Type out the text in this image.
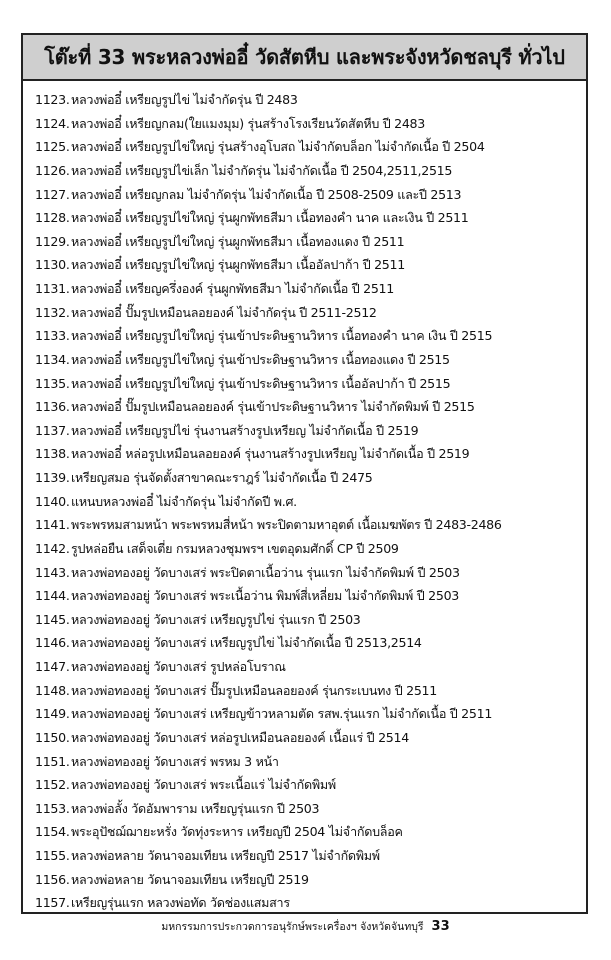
โต๊ะที่ 33 พระหลวงพ่ออี๋ วัดสัตหีบ และพระจังหวัดชลบุรี ทั่วไป
1123. หลวงพ่ออี๋ เหรียญรูปไข่ ไม่จำกัดรุ่น ปี 2483
1124. หลวงพ่ออี๋ เหรียญกลม(ใยแมงมุม) รุ่นสร้างโรงเรียนวัดสัตหีบ ปี 2483
1125. หลวงพ่ออี๋ เหรียญรูปไข่ใหญ่ รุ่นสร้างอุโบสถ ไม่จำกัดบล็อก ไม่จำกัดเนื้อ ปี 2504
1126. หลวงพ่ออี๋ เหรียญรูปไข่เล็ก ไม่จำกัดรุ่น ไม่จำกัดเนื้อ ปี 2504,2511,2515
1127. หลวงพ่ออี๋ เหรียญกลม ไม่จำกัดรุ่น ไม่จำกัดเนื้อ ปี 2508-2509 และปี 2513
1128. หลวงพ่ออี๋ เหรียญรูปไข่ใหญ่ รุ่นผูกพัทธสีมา เนื้อทองคำ นาค และเงิน ปี 2511
1129. หลวงพ่ออี๋ เหรียญรูปไข่ใหญ่ รุ่นผูกพัทธสีมา เนื้อทองแดง ปี 2511
1130. หลวงพ่ออี๋ เหรียญรูปไข่ใหญ่ รุ่นผูกพัทธสีมา เนื้ออัลปาก้า ปี 2511
1131. หลวงพ่ออี๋ เหรียญครึ่งองค์ รุ่นผูกพัทธสีมา ไม่จำกัดเนื้อ ปี 2511
1132. หลวงพ่ออี๋ ปั๊มรูปเหมือนลอยองค์ ไม่จำกัดรุ่น ปี 2511-2512
1133. หลวงพ่ออี๋ เหรียญรูปไข่ใหญ่ รุ่นเข้าประดิษฐานวิหาร เนื้อทองคำ นาค เงิน ปี 2515
1134. หลวงพ่ออี๋ เหรียญรูปไข่ใหญ่ รุ่นเข้าประดิษฐานวิหาร เนื้อทองแดง ปี 2515
1135. หลวงพ่ออี๋ เหรียญรูปไข่ใหญ่ รุ่นเข้าประดิษฐานวิหาร เนื้ออัลปาก้า ปี 2515
1136. หลวงพ่ออี๋ ปั๊มรูปเหมือนลอยองค์ รุ่นเข้าประดิษฐานวิหาร ไม่จำกัดพิมพ์ ปี 2515
1137. หลวงพ่ออี๋ เหรียญรูปไข่ รุ่นงานสร้างรูปเหรียญ ไม่จำกัดเนื้อ ปี 2519
1138. หลวงพ่ออี๋ หล่อรูปเหมือนลอยองค์ รุ่นงานสร้างรูปเหรียญ ไม่จำกัดเนื้อ ปี 2519
1139. เหรียญสมอ รุ่นจัดตั้งสาขาคณะราฎร์ ไม่จำกัดเนื้อ ปี 2475
1140. แหนบหลวงพ่ออี๋ ไม่จำกัดรุ่น ไม่จำกัดปี พ.ศ.
1141. พระพรหมสามหน้า พระพรหมสี่หน้า พระปิดตามหาอุตต์ เนื้อเมฆพัตร ปี 2483-2486
1142. รูปหล่อยืน เสด็จเตี่ย กรมหลวงชุมพรฯ เขตอุดมศักดิ์ CP ปี 2509
1143. หลวงพ่อทองอยู่ วัดบางเสร่ พระปิดตาเนื้อว่าน รุ่นแรก ไม่จำกัดพิมพ์ ปี 2503
1144. หลวงพ่อทองอยู่ วัดบางเสร่ พระเนื้อว่าน พิมพ์สี่เหลี่ยม ไม่จำกัดพิมพ์ ปี 2503
1145. หลวงพ่อทองอยู่ วัดบางเสร่ เหรียญรูปไข่ รุ่นแรก ปี 2503
1146. หลวงพ่อทองอยู่ วัดบางเสร่ เหรียญรูปไข่ ไม่จำกัดเนื้อ ปี 2513,2514
1147. หลวงพ่อทองอยู่ วัดบางเสร่ รูปหล่อโบราณ
1148. หลวงพ่อทองอยู่ วัดบางเสร่ ปั๊มรูปเหมือนลอยองค์ รุ่นกระเบนทง ปี 2511
1149. หลวงพ่อทองอยู่ วัดบางเสร่ เหรียญข้าวหลามตัด รสพ.รุ่นแรก ไม่จำกัดเนื้อ ปี 2511
1150. หลวงพ่อทองอยู่ วัดบางเสร่ หล่อรูปเหมือนลอยองค์ เนื้อแร่ ปี 2514
1151. หลวงพ่อทองอยู่ วัดบางเสร่ พรหม 3 หน้า
1152. หลวงพ่อทองอยู่ วัดบางเสร่ พระเนื้อแร่ ไม่จำกัดพิมพ์
1153. หลวงพ่อลั้ง วัดอัมพาราม เหรียญรุ่นแรก ปี 2503
1154. พระอุปัชฌ์ฌายะหรั่ง วัดทุ่งระหาร เหรียญปี 2504 ไม่จำกัดบล็อค
1155. หลวงพ่อหลาย วัดนาจอมเทียน เหรียญปี 2517 ไม่จำกัดพิมพ์
1156. หลวงพ่อหลาย วัดนาจอมเทียน เหรียญปี 2519
1157. เหรียญรุ่นแรก หลวงพ่อทัด วัดช่องแสมสาร
มหกรรมการประกวดการอนุรักษ์พระเครื่องฯ จังหวัดจันทบุรี 33
